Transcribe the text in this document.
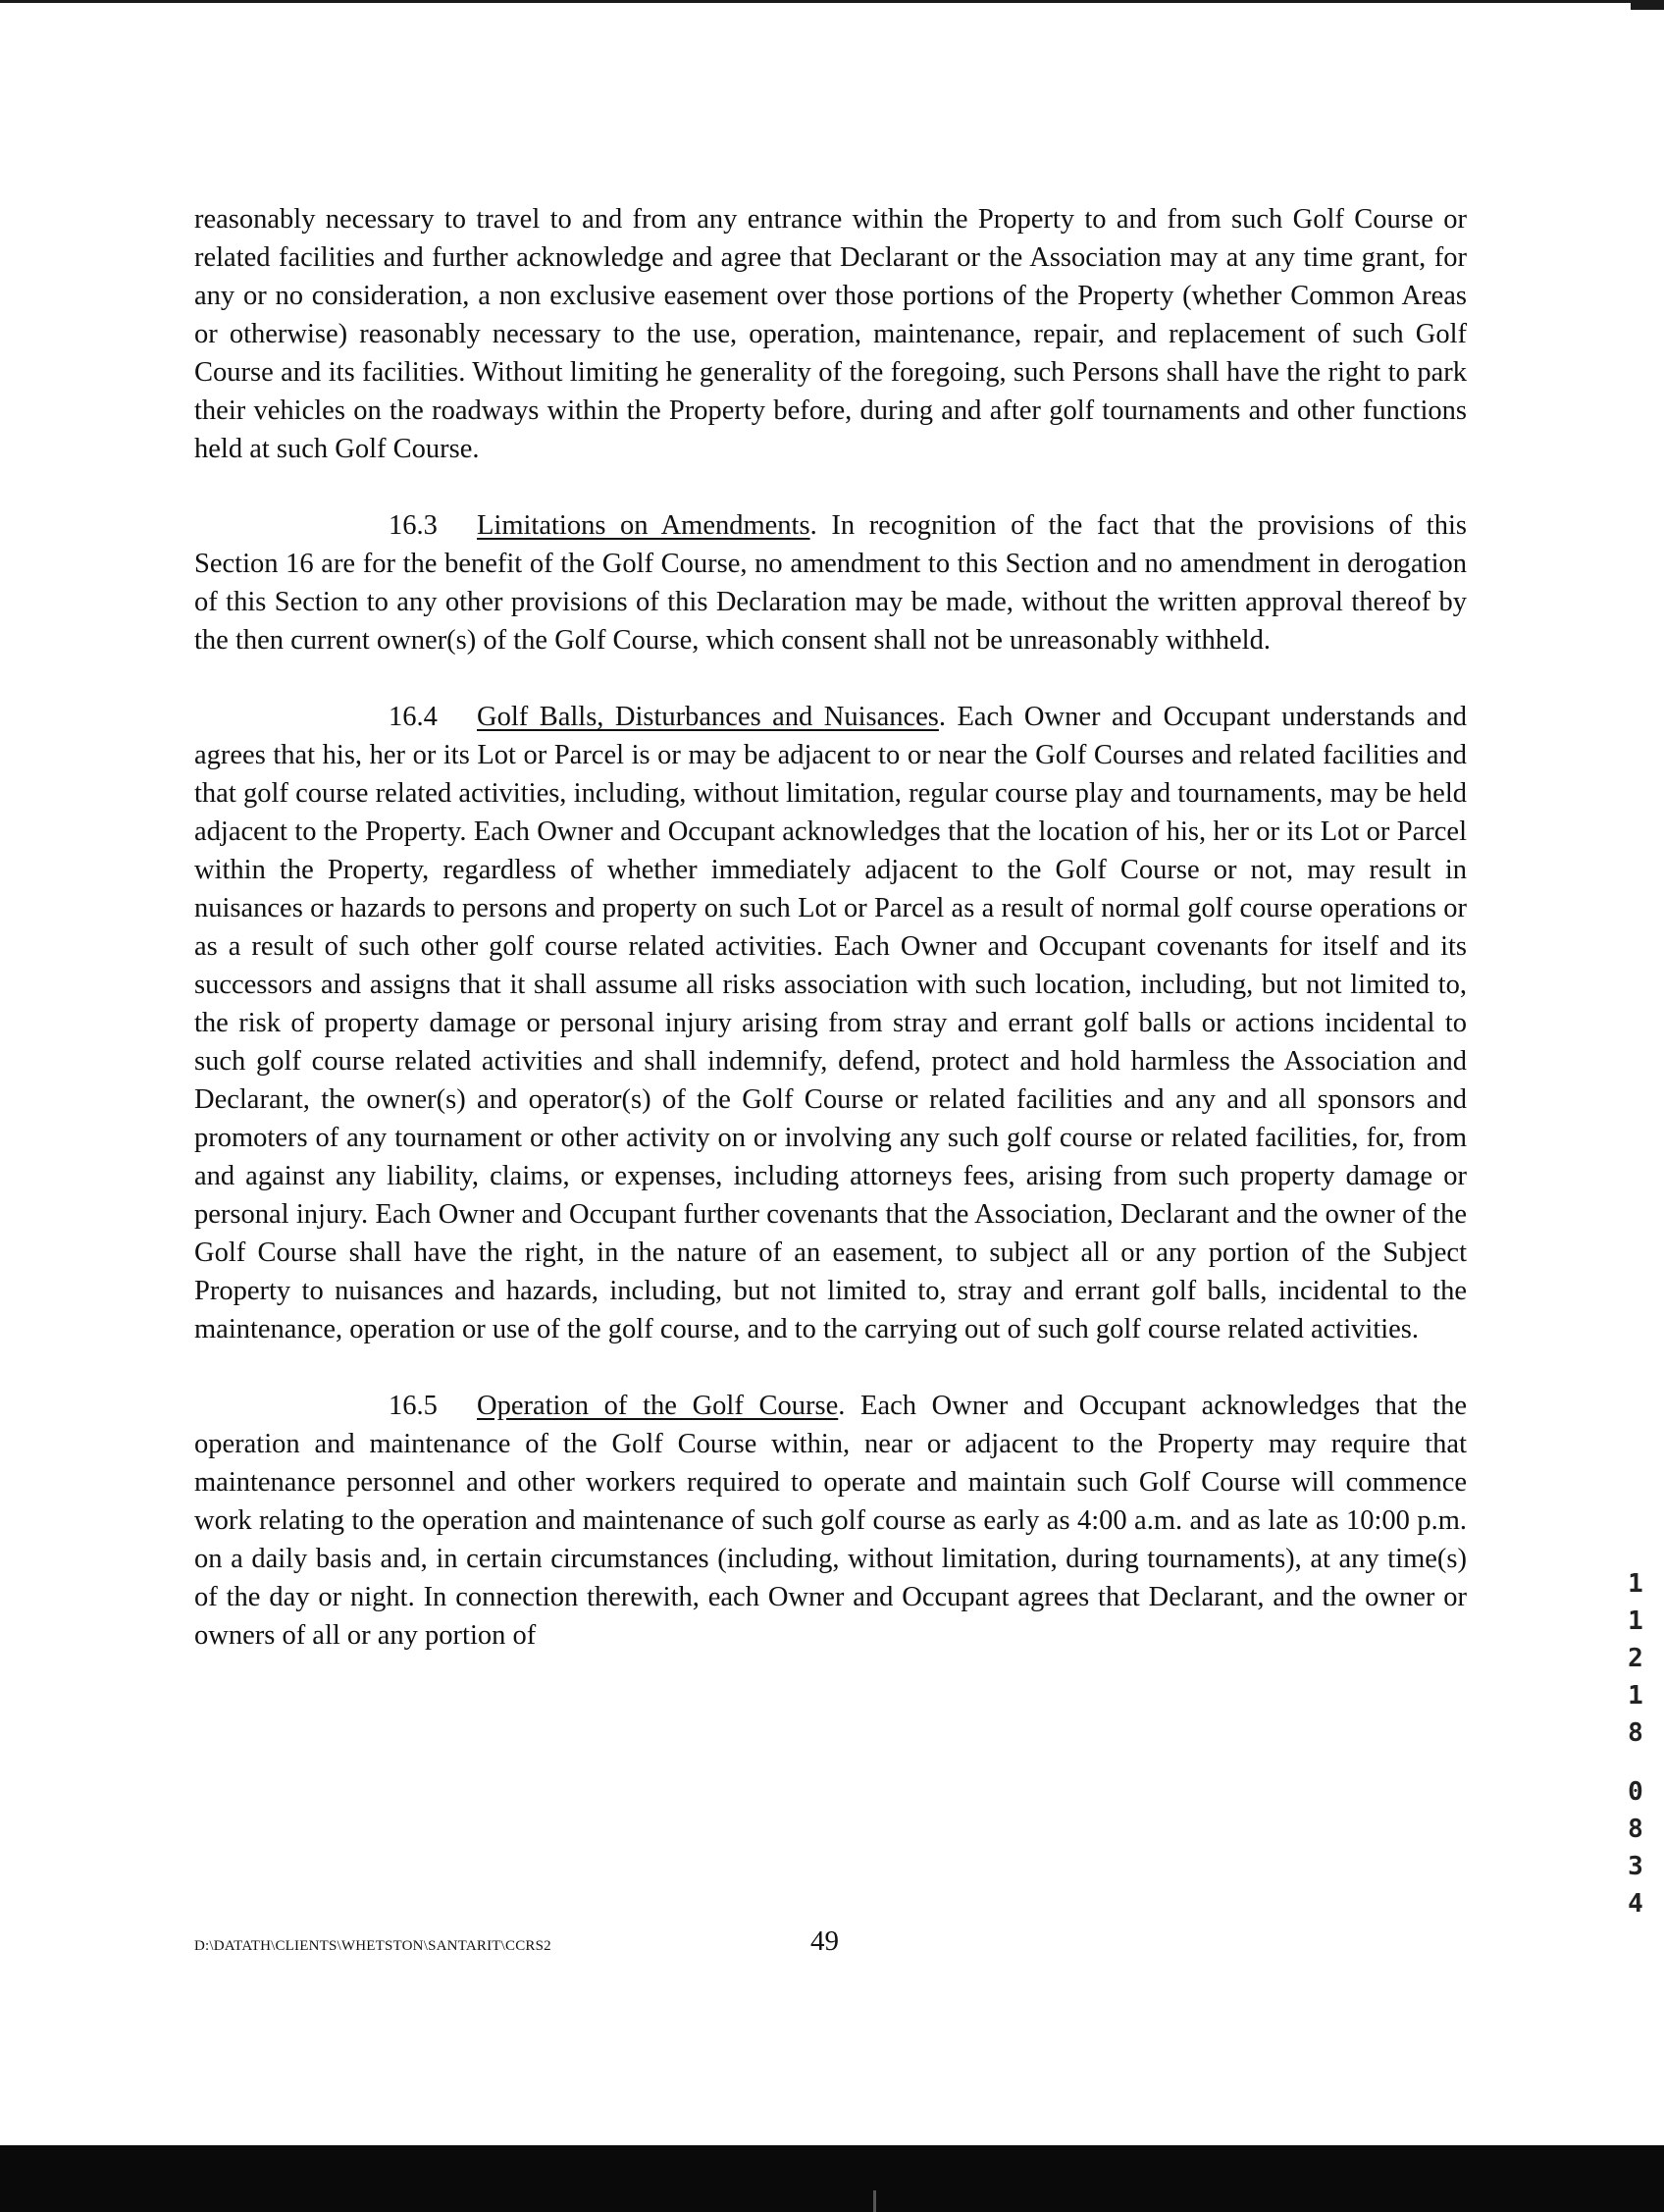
reasonably necessary to travel to and from any entrance within the Property to and from such Golf Course or related facilities and further acknowledge and agree that Declarant or the Association may at any time grant, for any or no consideration, a non exclusive easement over those portions of the Property (whether Common Areas or otherwise) reasonably necessary to the use, operation, maintenance, repair, and replacement of such Golf Course and its facilities. Without limiting he generality of the foregoing, such Persons shall have the right to park their vehicles on the roadways within the Property before, during and after golf tournaments and other functions held at such Golf Course.

16.3 Limitations on Amendments. In recognition of the fact that the provisions of this Section 16 are for the benefit of the Golf Course, no amendment to this Section and no amendment in derogation of this Section to any other provisions of this Declaration may be made, without the written approval thereof by the then current owner(s) of the Golf Course, which consent shall not be unreasonably withheld.

16.4 Golf Balls, Disturbances and Nuisances. Each Owner and Occupant understands and agrees that his, her or its Lot or Parcel is or may be adjacent to or near the Golf Courses and related facilities and that golf course related activities, including, without limitation, regular course play and tournaments, may be held adjacent to the Property. Each Owner and Occupant acknowledges that the location of his, her or its Lot or Parcel within the Property, regardless of whether immediately adjacent to the Golf Course or not, may result in nuisances or hazards to persons and property on such Lot or Parcel as a result of normal golf course operations or as a result of such other golf course related activities. Each Owner and Occupant covenants for itself and its successors and assigns that it shall assume all risks association with such location, including, but not limited to, the risk of property damage or personal injury arising from stray and errant golf balls or actions incidental to such golf course related activities and shall indemnify, defend, protect and hold harmless the Association and Declarant, the owner(s) and operator(s) of the Golf Course or related facilities and any and all sponsors and promoters of any tournament or other activity on or involving any such golf course or related facilities, for, from and against any liability, claims, or expenses, including attorneys fees, arising from such property damage or personal injury. Each Owner and Occupant further covenants that the Association, Declarant and the owner of the Golf Course shall have the right, in the nature of an easement, to subject all or any portion of the Subject Property to nuisances and hazards, including, but not limited to, stray and errant golf balls, incidental to the maintenance, operation or use of the golf course, and to the carrying out of such golf course related activities.

16.5 Operation of the Golf Course. Each Owner and Occupant acknowledges that the operation and maintenance of the Golf Course within, near or adjacent to the Property may require that maintenance personnel and other workers required to operate and maintain such Golf Course will commence work relating to the operation and maintenance of such golf course as early as 4:00 a.m. and as late as 10:00 p.m. on a daily basis and, in certain circumstances (including, without limitation, during tournaments), at any time(s) of the day or night. In connection therewith, each Owner and Occupant agrees that Declarant, and the owner or owners of all or any portion of

1
1
2
1
8
0
8
3
4
D:\DATATH\CLIENTS\WHETSTON\SANTARIT\CCRS2	49
